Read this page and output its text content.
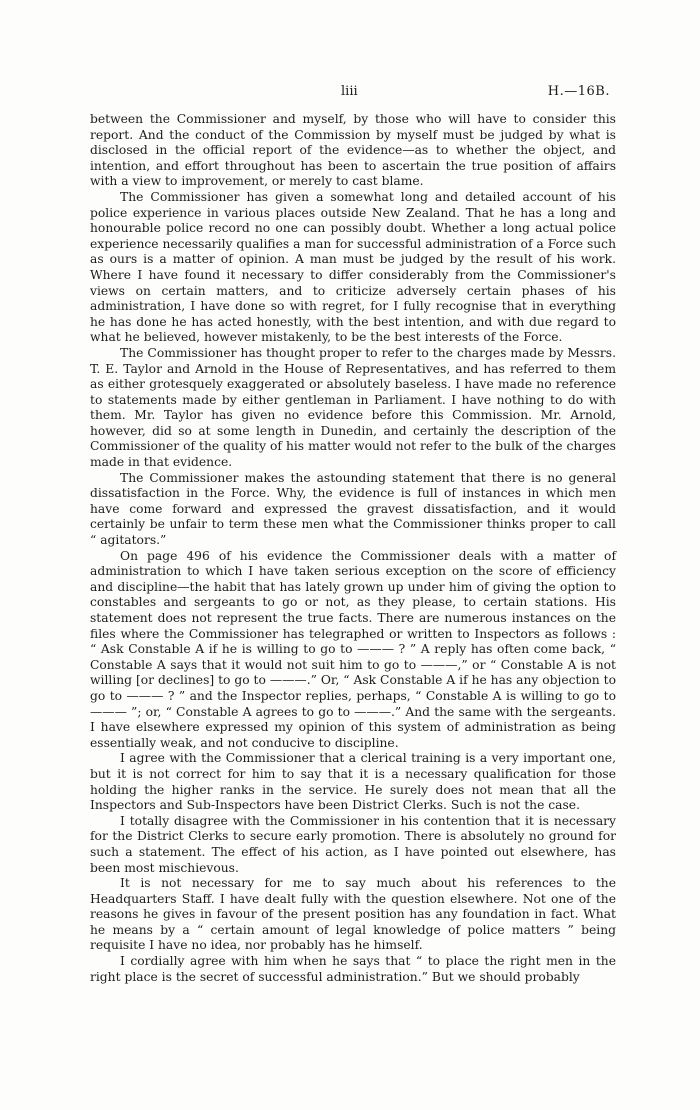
liii	H.—16B.

between the Commissioner and myself, by those who will have to consider this report. And the conduct of the Commission by myself must be judged by what is disclosed in the official report of the evidence—as to whether the object, and intention, and effort throughout has been to ascertain the true position of affairs with a view to improvement, or merely to cast blame.

The Commissioner has given a somewhat long and detailed account of his police experience in various places outside New Zealand. That he has a long and honourable police record no one can possibly doubt. Whether a long actual police experience necessarily qualifies a man for successful administration of a Force such as ours is a matter of opinion. A man must be judged by the result of his work. Where I have found it necessary to differ considerably from the Commissioner's views on certain matters, and to criticize adversely certain phases of his administration, I have done so with regret, for I fully recognise that in everything he has done he has acted honestly, with the best intention, and with due regard to what he believed, however mistakenly, to be the best interests of the Force.

The Commissioner has thought proper to refer to the charges made by Messrs. T. E. Taylor and Arnold in the House of Representatives, and has referred to them as either grotesquely exaggerated or absolutely baseless. I have made no reference to statements made by either gentleman in Parliament. I have nothing to do with them. Mr. Taylor has given no evidence before this Commission. Mr. Arnold, however, did so at some length in Dunedin, and certainly the description of the Commissioner of the quality of his matter would not refer to the bulk of the charges made in that evidence.

The Commissioner makes the astounding statement that there is no general dissatisfaction in the Force. Why, the evidence is full of instances in which men have come forward and expressed the gravest dissatisfaction, and it would certainly be unfair to term these men what the Commissioner thinks proper to call “ agitators.”

On page 496 of his evidence the Commissioner deals with a matter of administration to which I have taken serious exception on the score of efficiency and discipline—the habit that has lately grown up under him of giving the option to constables and sergeants to go or not, as they please, to certain stations. His statement does not represent the true facts. There are numerous instances on the files where the Commissioner has telegraphed or written to Inspectors as follows : “ Ask Constable A if he is willing to go to ——— ? ” A reply has often come back, “ Constable A says that it would not suit him to go to ———,” or “ Constable A is not willing [or declines] to go to ———.” Or, “ Ask Constable A if he has any objection to go to ——— ? ” and the Inspector replies, perhaps, “ Constable A is willing to go to ——— ”; or, “ Constable A agrees to go to ———.” And the same with the sergeants. I have elsewhere expressed my opinion of this system of administration as being essentially weak, and not conducive to discipline.

I agree with the Commissioner that a clerical training is a very important one, but it is not correct for him to say that it is a necessary qualification for those holding the higher ranks in the service. He surely does not mean that all the Inspectors and Sub-Inspectors have been District Clerks. Such is not the case.

I totally disagree with the Commissioner in his contention that it is necessary for the District Clerks to secure early promotion. There is absolutely no ground for such a statement. The effect of his action, as I have pointed out elsewhere, has been most mischievous.

It is not necessary for me to say much about his references to the Headquarters Staff. I have dealt fully with the question elsewhere. Not one of the reasons he gives in favour of the present position has any foundation in fact. What he means by a “ certain amount of legal knowledge of police matters ” being requisite I have no idea, nor probably has he himself.

I cordially agree with him when he says that “ to place the right men in the right place is the secret of successful administration.” But we should probably
